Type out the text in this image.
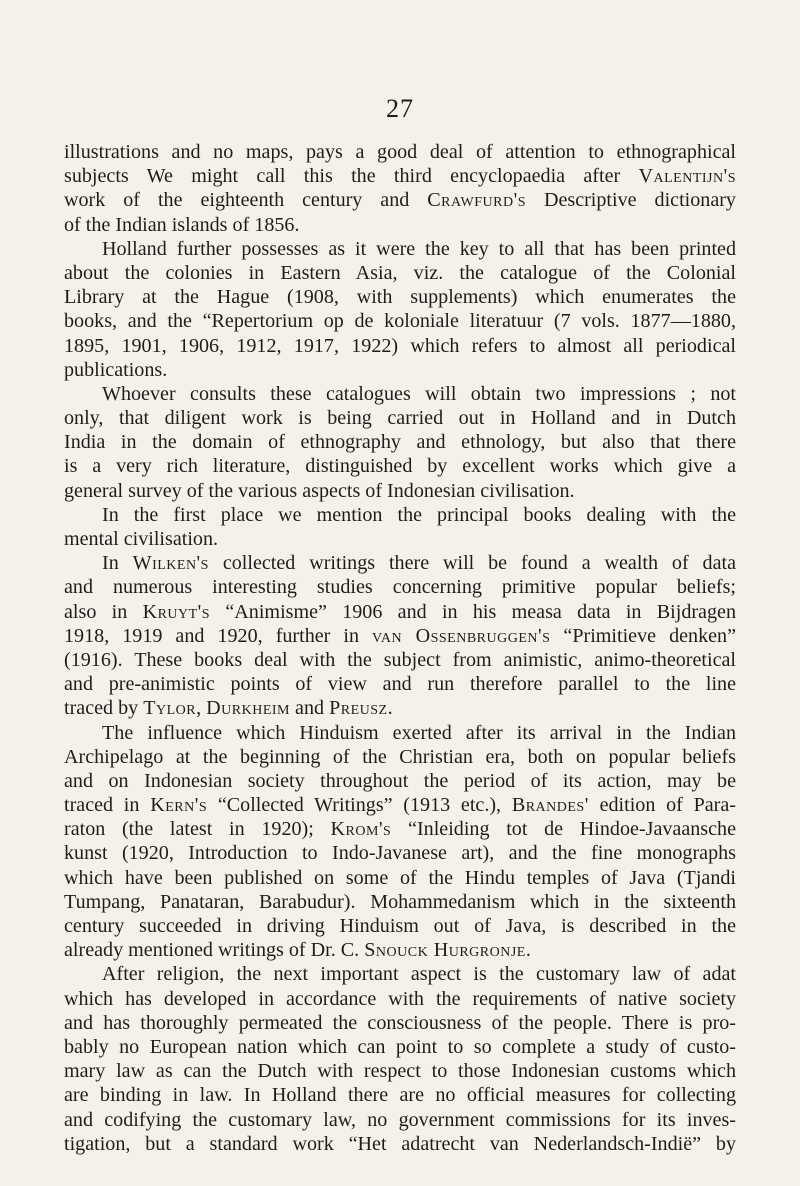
27
illustrations and no maps, pays a good deal of attention to ethnographical
subjects We might call this the third encyclopaedia after Valentijn's
work of the eighteenth century and Crawfurd's Descriptive dictionary
of the Indian islands of 1856.
Holland further possesses as it were the key to all that has been printed
about the colonies in Eastern Asia, viz. the catalogue of the Colonial
Library at the Hague (1908, with supplements) which enumerates the
books, and the “Repertorium op de koloniale literatuur (7 vols. 1877—1880,
1895, 1901, 1906, 1912, 1917, 1922) which refers to almost all periodical
publications.
Whoever consults these catalogues will obtain two impressions ; not
only, that diligent work is being carried out in Holland and in Dutch
India in the domain of ethnography and ethnology, but also that there
is a very rich literature, distinguished by excellent works which give a
general survey of the various aspects of Indonesian civilisation.
In the first place we mention the principal books dealing with the
mental civilisation.
In Wilken's collected writings there will be found a wealth of data
and numerous interesting studies concerning primitive popular beliefs;
also in Kruyt's “Animisme” 1906 and in his measa data in Bijdragen
1918, 1919 and 1920, further in van Ossenbruggen's “Primitieve denken”
(1916). These books deal with the subject from animistic, animo-theoretical
and pre-animistic points of view and run therefore parallel to the line
traced by Tylor, Durkheim and Preusz.
The influence which Hinduism exerted after its arrival in the Indian
Archipelago at the beginning of the Christian era, both on popular beliefs
and on Indonesian society throughout the period of its action, may be
traced in Kern's “Collected Writings” (1913 etc.), Brandes' edition of Para-
raton (the latest in 1920); Krom's “Inleiding tot de Hindoe-Javaansche
kunst (1920, Introduction to Indo-Javanese art), and the fine monographs
which have been published on some of the Hindu temples of Java (Tjandi
Tumpang, Panataran, Barabudur). Mohammedanism which in the sixteenth
century succeeded in driving Hinduism out of Java, is described in the
already mentioned writings of Dr. C. Snouck Hurgronje.
After religion, the next important aspect is the customary law of adat
which has developed in accordance with the requirements of native society
and has thoroughly permeated the consciousness of the people. There is pro-
bably no European nation which can point to so complete a study of custo-
mary law as can the Dutch with respect to those Indonesian customs which
are binding in law. In Holland there are no official measures for collecting
and codifying the customary law, no government commissions for its inves-
tigation, but a standard work “Het adatrecht van Nederlandsch-Indië” by
